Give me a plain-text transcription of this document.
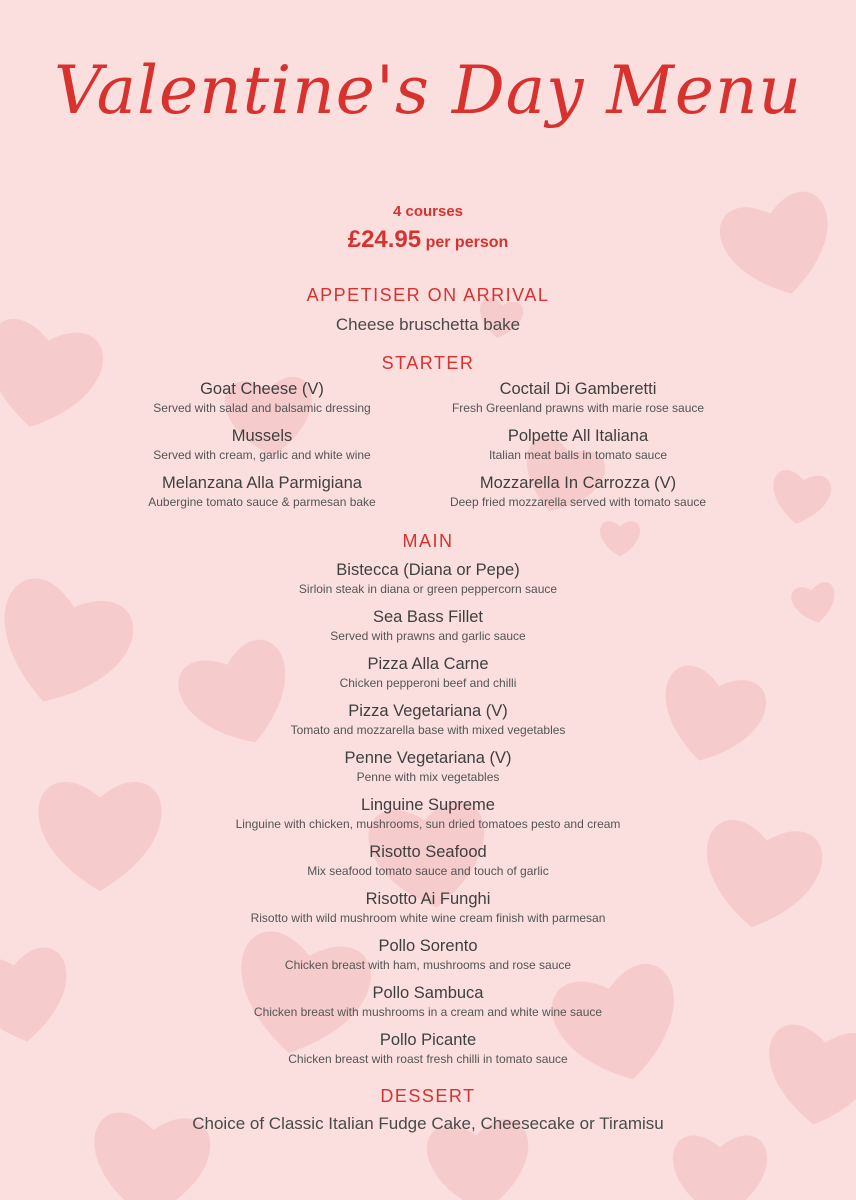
Valentine's Day Menu
4 courses
£24.95 per person
APPETISER ON ARRIVAL
Cheese bruschetta bake
STARTER
Goat Cheese (V)
Served with salad and balsamic dressing
Coctail Di Gamberetti
Fresh Greenland prawns with marie rose sauce
Mussels
Served with cream, garlic and white wine
Polpette All Italiana
Italian meat balls in tomato sauce
Melanzana Alla Parmigiana
Aubergine tomato sauce & parmesan bake
Mozzarella In Carrozza (V)
Deep fried mozzarella served with tomato sauce
MAIN
Bistecca (Diana or Pepe)
Sirloin steak in diana or green peppercorn sauce
Sea Bass Fillet
Served with prawns and garlic sauce
Pizza Alla Carne
Chicken pepperoni beef and chilli
Pizza Vegetariana (V)
Tomato and mozzarella base with mixed vegetables
Penne Vegetariana (V)
Penne with mix vegetables
Linguine Supreme
Linguine with chicken, mushrooms, sun dried tomatoes pesto and cream
Risotto Seafood
Mix seafood tomato sauce and touch of garlic
Risotto Ai Funghi
Risotto with wild mushroom white wine cream finish with parmesan
Pollo Sorento
Chicken breast with ham, mushrooms and rose sauce
Pollo Sambuca
Chicken breast with mushrooms in a cream and white wine sauce
Pollo Picante
Chicken breast with roast fresh chilli in tomato sauce
DESSERT
Choice of Classic Italian Fudge Cake, Cheesecake or Tiramisu
